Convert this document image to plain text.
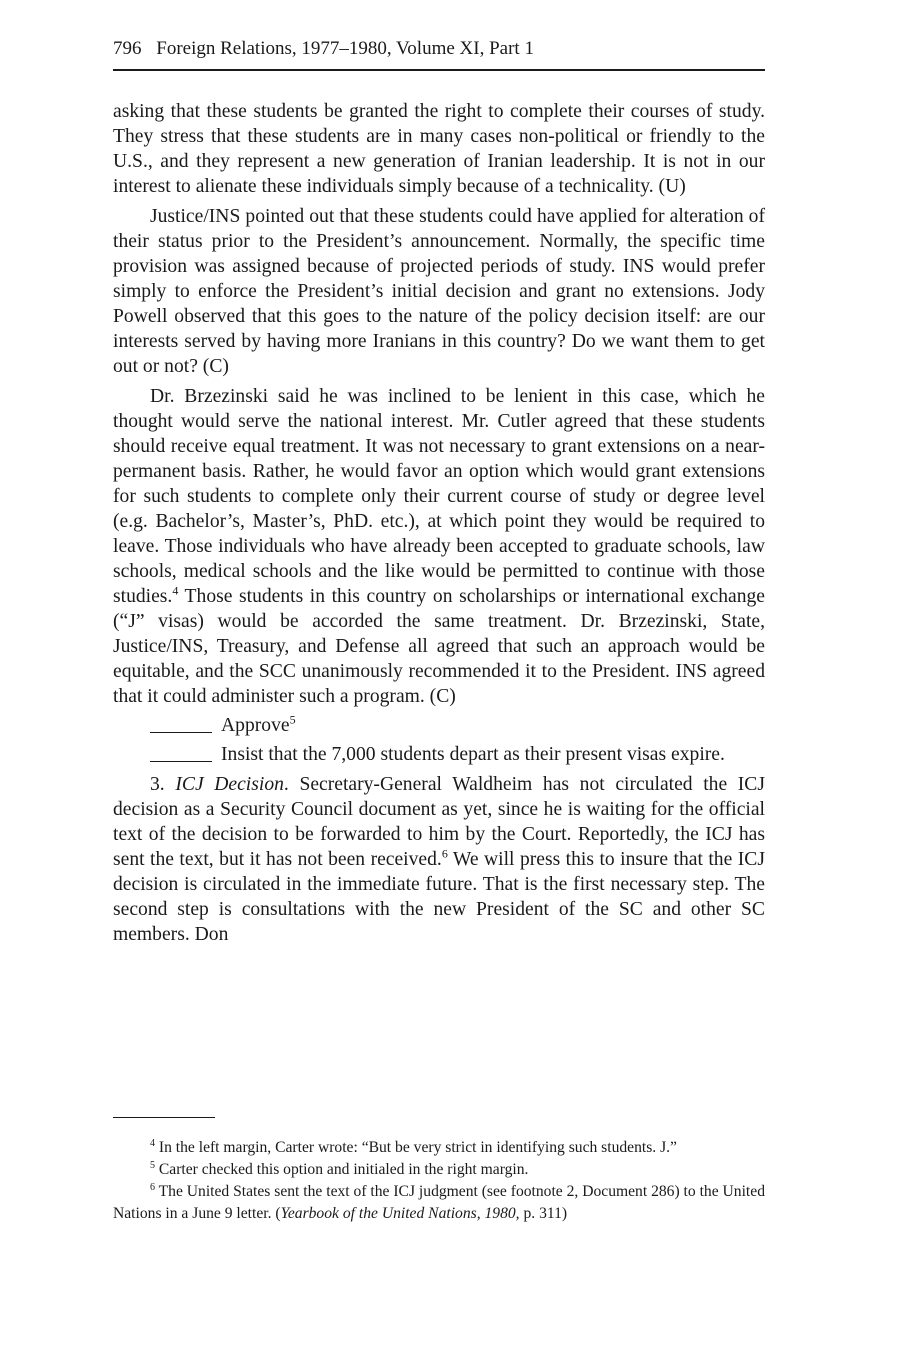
796 Foreign Relations, 1977–1980, Volume XI, Part 1

asking that these students be granted the right to complete their courses of study. They stress that these students are in many cases non-political or friendly to the U.S., and they represent a new generation of Iranian leadership. It is not in our interest to alienate these individuals simply because of a technicality. (U)

Justice/INS pointed out that these students could have applied for alteration of their status prior to the President’s announcement. Normally, the specific time provision was assigned because of projected periods of study. INS would prefer simply to enforce the President’s initial decision and grant no extensions. Jody Powell observed that this goes to the nature of the policy decision itself: are our interests served by having more Iranians in this country? Do we want them to get out or not? (C)

Dr. Brzezinski said he was inclined to be lenient in this case, which he thought would serve the national interest. Mr. Cutler agreed that these students should receive equal treatment. It was not necessary to grant extensions on a near-permanent basis. Rather, he would favor an option which would grant extensions for such students to complete only their current course of study or degree level (e.g. Bachelor’s, Master’s, PhD. etc.), at which point they would be required to leave. Those individuals who have already been accepted to graduate schools, law schools, medical schools and the like would be permitted to continue with those studies.$^4$ Those students in this country on scholarships or international exchange (“J” visas) would be accorded the same treatment. Dr. Brzezinski, State, Justice/INS, Treasury, and Defense all agreed that such an approach would be equitable, and the SCC unanimously recommended it to the President. INS agreed that it could administer such a program. (C)

Approve$^5$
Insist that the 7,000 students depart as their present visas expire.

3. ICJ Decision. Secretary-General Waldheim has not circulated the ICJ decision as a Security Council document as yet, since he is waiting for the official text of the decision to be forwarded to him by the Court. Reportedly, the ICJ has sent the text, but it has not been received.$^6$ We will press this to insure that the ICJ decision is circulated in the immediate future. That is the first necessary step. The second step is consultations with the new President of the SC and other SC members. Don

$^4$ In the left margin, Carter wrote: “But be very strict in identifying such students. J.”

$^5$ Carter checked this option and initialed in the right margin.

$^6$ The United States sent the text of the ICJ judgment (see footnote 2, Document 286) to the United Nations in a June 9 letter. (Yearbook of the United Nations, 1980, p. 311)
